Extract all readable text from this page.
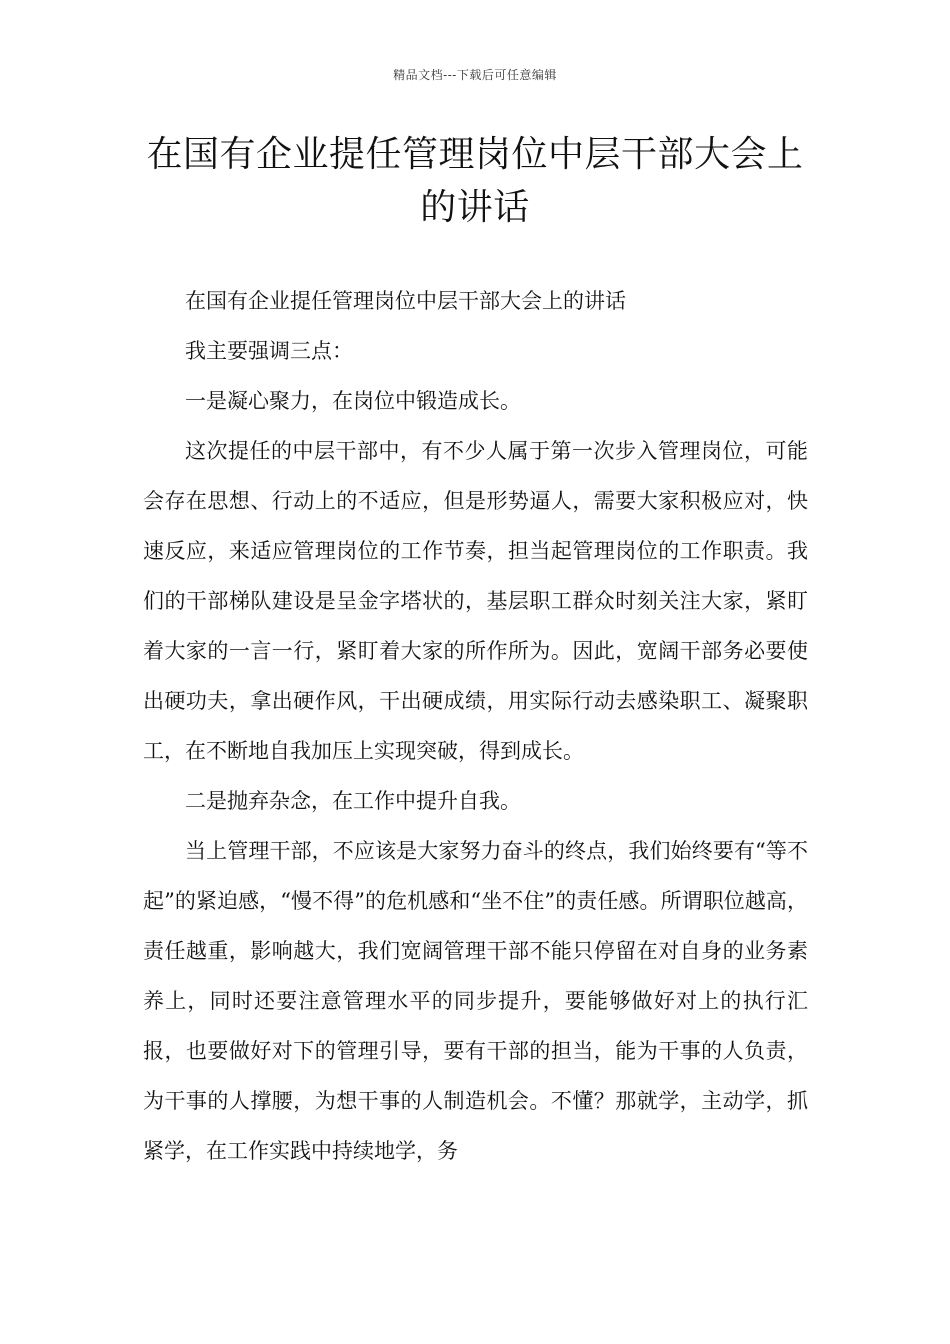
精品文档---下载后可任意编辑
在国有企业提任管理岗位中层干部大会上的讲话

在国有企业提任管理岗位中层干部大会上的讲话

我主要强调三点：

一是凝心聚力，在岗位中锻造成长。

这次提任的中层干部中，有不少人属于第一次步入管理岗位，可能会存在思想、行动上的不适应，但是形势逼人，需要大家积极应对，快速反应，来适应管理岗位的工作节奏，担当起管理岗位的工作职责。我们的干部梯队建设是呈金字塔状的，基层职工群众时刻关注大家，紧盯着大家的一言一行，紧盯着大家的所作所为。因此，宽阔干部务必要使出硬功夫，拿出硬作风，干出硬成绩，用实际行动去感染职工、凝聚职工，在不断地自我加压上实现突破，得到成长。

二是抛弃杂念，在工作中提升自我。

当上管理干部，不应该是大家努力奋斗的终点，我们始终要有“等不起”的紧迫感，“慢不得”的危机感和“坐不住”的责任感。所谓职位越高，责任越重，影响越大，我们宽阔管理干部不能只停留在对自身的业务素养上，同时还要注意管理水平的同步提升，要能够做好对上的执行汇报，也要做好对下的管理引导，要有干部的担当，能为干事的人负责，为干事的人撑腰，为想干事的人制造机会。不懂？那就学，主动学，抓紧学，在工作实践中持续地学，务
